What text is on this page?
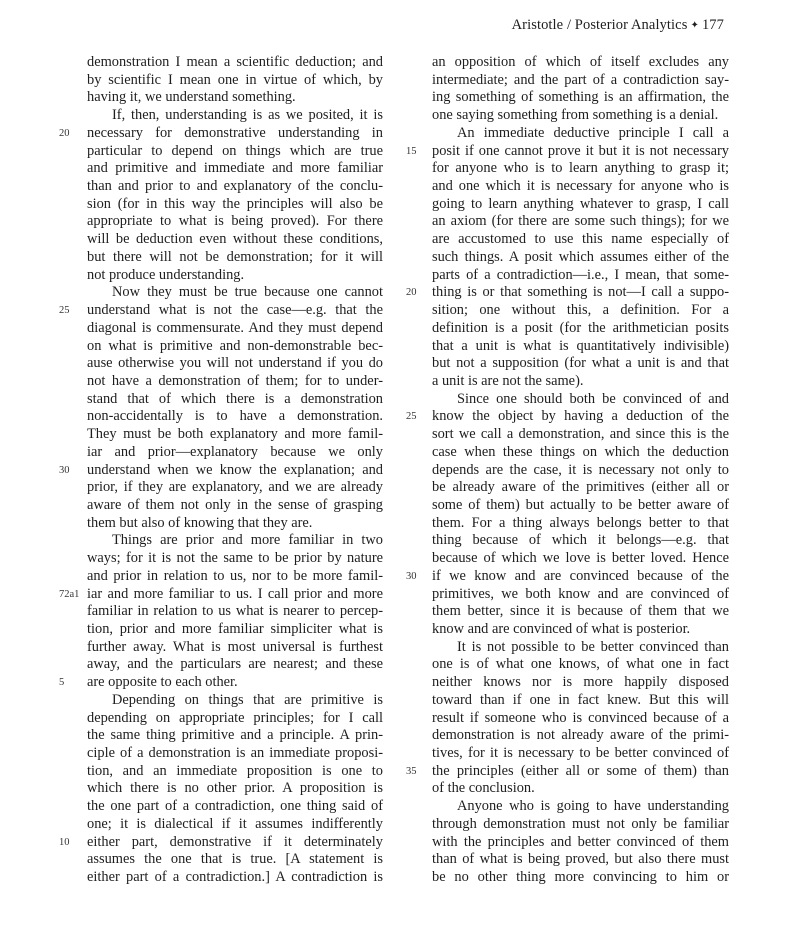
Aristotle / Posterior Analytics ✦ 177
demonstration I mean a scientific deduction; and
by scientific I mean one in virtue of which, by
having it, we understand something.
If, then, understanding is as we posited, it is
20	necessary for demonstrative understanding in
particular to depend on things which are true
and primitive and immediate and more familiar
than and prior to and explanatory of the conclu-
sion (for in this way the principles will also be
appropriate to what is being proved). For there
will be deduction even without these conditions,
but there will not be demonstration; for it will
not produce understanding.
Now they must be true because one cannot
25	understand what is not the case—e.g. that the
diagonal is commensurate. And they must depend
on what is primitive and non-demonstrable bec-
ause otherwise you will not understand if you do
not have a demonstration of them; for to under-
stand that of which there is a demonstration
non-accidentally is to have a demonstration.
They must be both explanatory and more famil-
iar and prior—explanatory because we only
30	understand when we know the explanation; and
prior, if they are explanatory, and we are already
aware of them not only in the sense of grasping
them but also of knowing that they are.
Things are prior and more familiar in two
ways; for it is not the same to be prior by nature
and prior in relation to us, nor to be more famil-
72a1 iar and more familiar to us. I call prior and more
familiar in relation to us what is nearer to percep-
tion, prior and more familiar simpliciter what is
further away. What is most universal is furthest
away, and the particulars are nearest; and these
5	are opposite to each other.
Depending on things that are primitive is
depending on appropriate principles; for I call
the same thing primitive and a principle. A prin-
ciple of a demonstration is an immediate proposi-
tion, and an immediate proposition is one to
which there is no other prior. A proposition is
the one part of a contradiction, one thing said of
one; it is dialectical if it assumes indifferently
10	either part, demonstrative if it determinately
assumes the one that is true. [A statement is
either part of a contradiction.] A contradiction is
an opposition of which of itself excludes any
intermediate; and the part of a contradiction say-
ing something of something is an affirmation, the
one saying something from something is a denial.
An immediate deductive principle I call a
15	posit if one cannot prove it but it is not necessary
for anyone who is to learn anything to grasp it;
and one which it is necessary for anyone who is
going to learn anything whatever to grasp, I call
an axiom (for there are some such things); for we
are accustomed to use this name especially of
such things. A posit which assumes either of the
parts of a contradiction—i.e., I mean, that some-
20	thing is or that something is not—I call a suppo-
sition; one without this, a definition. For a
definition is a posit (for the arithmetician posits
that a unit is what is quantitatively indivisible)
but not a supposition (for what a unit is and that
a unit is are not the same).
Since one should both be convinced of and
25	know the object by having a deduction of the
sort we call a demonstration, and since this is the
case when these things on which the deduction
depends are the case, it is necessary not only to
be already aware of the primitives (either all or
some of them) but actually to be better aware of
them. For a thing always belongs better to that
thing because of which it belongs—e.g. that
because of which we love is better loved. Hence
30	if we know and are convinced because of the
primitives, we both know and are convinced of
them better, since it is because of them that we
know and are convinced of what is posterior.
It is not possible to be better convinced than
one is of what one knows, of what one in fact
neither knows nor is more happily disposed
toward than if one in fact knew. But this will
result if someone who is convinced because of a
demonstration is not already aware of the primi-
tives, for it is necessary to be better convinced of
35	the principles (either all or some of them) than
of the conclusion.
Anyone who is going to have understanding
through demonstration must not only be familiar
with the principles and better convinced of them
than of what is being proved, but also there must
be no other thing more convincing to him or
